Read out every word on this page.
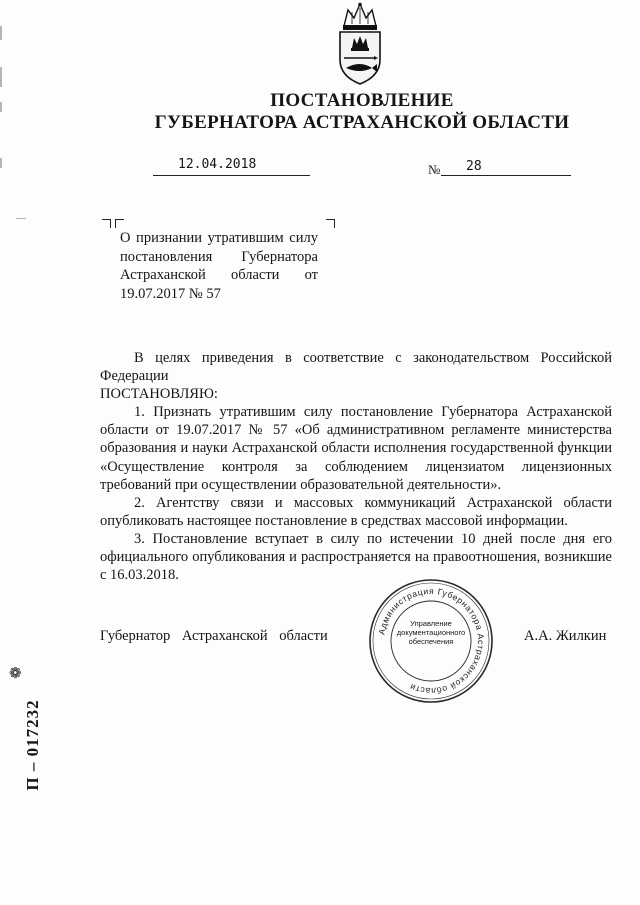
ПОСТАНОВЛЕНИЕ
ГУБЕРНАТОРА АСТРАХАНСКОЙ ОБЛАСТИ
12.04.2018	№ 28
О признании утратившим силу постановления Губернатора Астраханской области от 19.07.2017 № 57
В целях приведения в соответствие с законодательством Российской Федерации
ПОСТАНОВЛЯЮ:
1. Признать утратившим силу постановление Губернатора Астраханской области от 19.07.2017 № 57 «Об административном регламенте министерства образования и науки Астраханской области исполнения государственной функции «Осуществление контроля за соблюдением лицензиатом лицензионных требований при осуществлении образовательной деятельности».
2. Агентству связи и массовых коммуникаций Астраханской области опубликовать настоящее постановление в средствах массовой информации.
3. Постановление вступает в силу по истечении 10 дней после дня его официального опубликования и распространяется на правоотношения, возникшие с 16.03.2018.
Губернатор Астраханской области	А.А. Жилкин
Администрация Губернатора Астраханской области
Управление
документационного
обеспечения
❁
П – 017232
